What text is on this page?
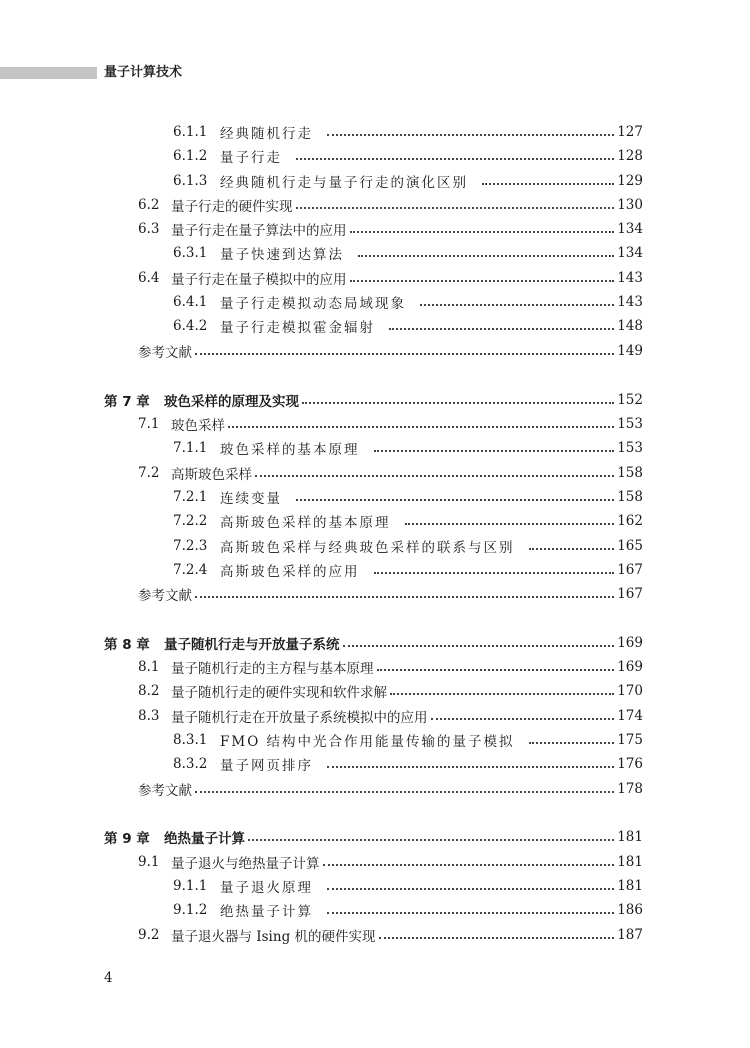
量子计算技术
6.1.1 经典随机行走	127
6.1.2 量子行走	128
6.1.3 经典随机行走与量子行走的演化区别	129
6.2 量子行走的硬件实现	130
6.3 量子行走在量子算法中的应用	134
6.3.1 量子快速到达算法	134
6.4 量子行走在量子模拟中的应用	143
6.4.1 量子行走模拟动态局域现象	143
6.4.2 量子行走模拟霍金辐射	148
参考文献	149
第 7 章	玻色采样的原理及实现	152
7.1 玻色采样	153
7.1.1 玻色采样的基本原理	153
7.2 高斯玻色采样	158
7.2.1 连续变量	158
7.2.2 高斯玻色采样的基本原理	162
7.2.3 高斯玻色采样与经典玻色采样的联系与区别	165
7.2.4 高斯玻色采样的应用	167
参考文献	167
第 8 章	量子随机行走与开放量子系统	169
8.1 量子随机行走的主方程与基本原理	169
8.2 量子随机行走的硬件实现和软件求解	170
8.3 量子随机行走在开放量子系统模拟中的应用	174
8.3.1 FMO 结构中光合作用能量传输的量子模拟	175
8.3.2 量子网页排序	176
参考文献	178
第 9 章	绝热量子计算	181
9.1 量子退火与绝热量子计算	181
9.1.1 量子退火原理	181
9.1.2 绝热量子计算	186
9.2 量子退火器与 Ising 机的硬件实现	187
4
